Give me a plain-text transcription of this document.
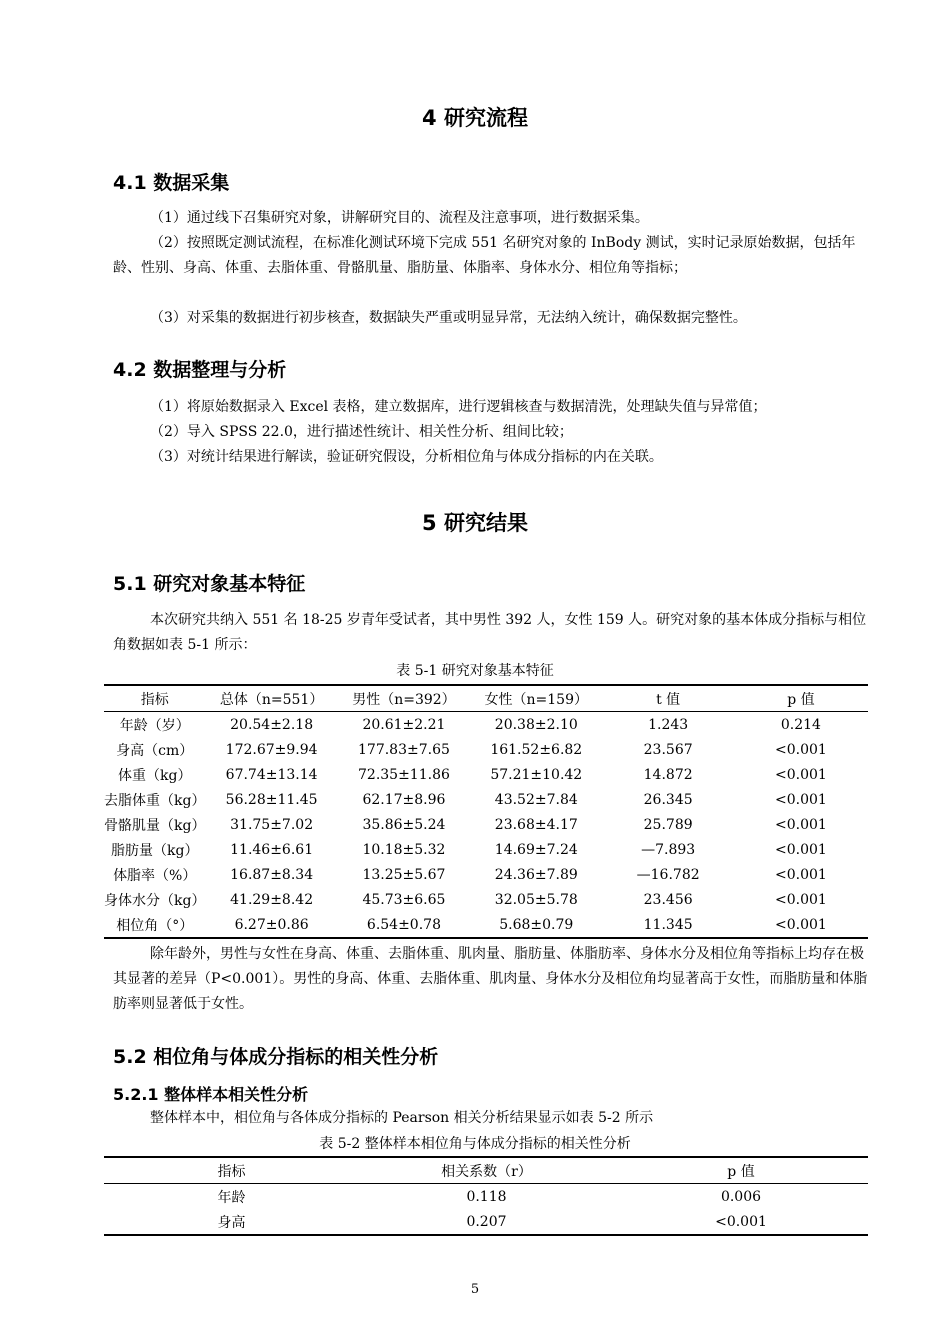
4 研究流程
4.1 数据采集

（1）通过线下召集研究对象，讲解研究目的、流程及注意事项，进行数据采集。

（2）按照既定测试流程，在标准化测试环境下完成 551 名研究对象的 InBody 测试，实时记录原始数据，包括年龄、性别、身高、体重、去脂体重、骨骼肌量、脂肪量、体脂率、身体水分、相位角等指标；

（3）对采集的数据进行初步核查，数据缺失严重或明显异常，无法纳入统计，确保数据完整性。

4.2 数据整理与分析

（1）将原始数据录入 Excel 表格，建立数据库，进行逻辑核查与数据清洗，处理缺失值与异常值；

（2）导入 SPSS 22.0，进行描述性统计、相关性分析、组间比较；

（3）对统计结果进行解读，验证研究假设，分析相位角与体成分指标的内在关联。

5 研究结果
5.1 研究对象基本特征

本次研究共纳入 551 名 18-25 岁青年受试者，其中男性 392 人，女性 159 人。研究对象的基本体成分指标与相位角数据如表 5-1 所示：

表 5-1 研究对象基本特征
指标	总体（n=551）	男性（n=392）	女性（n=159）	t 值	p 值
年龄（岁）	20.54±2.18	20.61±2.21	20.38±2.10	1.243	0.214
身高（cm）	172.67±9.94	177.83±7.65	161.52±6.82	23.567	<0.001
体重（kg）	67.74±13.14	72.35±11.86	57.21±10.42	14.872	<0.001
去脂体重（kg）	56.28±11.45	62.17±8.96	43.52±7.84	26.345	<0.001
骨骼肌量（kg）	31.75±7.02	35.86±5.24	23.68±4.17	25.789	<0.001
脂肪量（kg）	11.46±6.61	10.18±5.32	14.69±7.24	—7.893	<0.001
体脂率（%）	16.87±8.34	13.25±5.67	24.36±7.89	—16.782	<0.001
身体水分（kg）	41.29±8.42	45.73±6.65	32.05±5.78	23.456	<0.001
相位角（°）	6.27±0.86	6.54±0.78	5.68±0.79	11.345	<0.001

除年龄外，男性与女性在身高、体重、去脂体重、肌肉量、脂肪量、体脂肪率、身体水分及相位角等指标上均存在极其显著的差异（P<0.001）。男性的身高、体重、去脂体重、肌肉量、身体水分及相位角均显著高于女性，而脂肪量和体脂肪率则显著低于女性。

5.2 相位角与体成分指标的相关性分析
5.2.1 整体样本相关性分析

整体样本中，相位角与各体成分指标的 Pearson 相关分析结果显示如表 5-2 所示

表 5-2 整体样本相位角与体成分指标的相关性分析
指标	相关系数（r）	p 值
年龄	0.118	0.006
身高	0.207	<0.001
5
